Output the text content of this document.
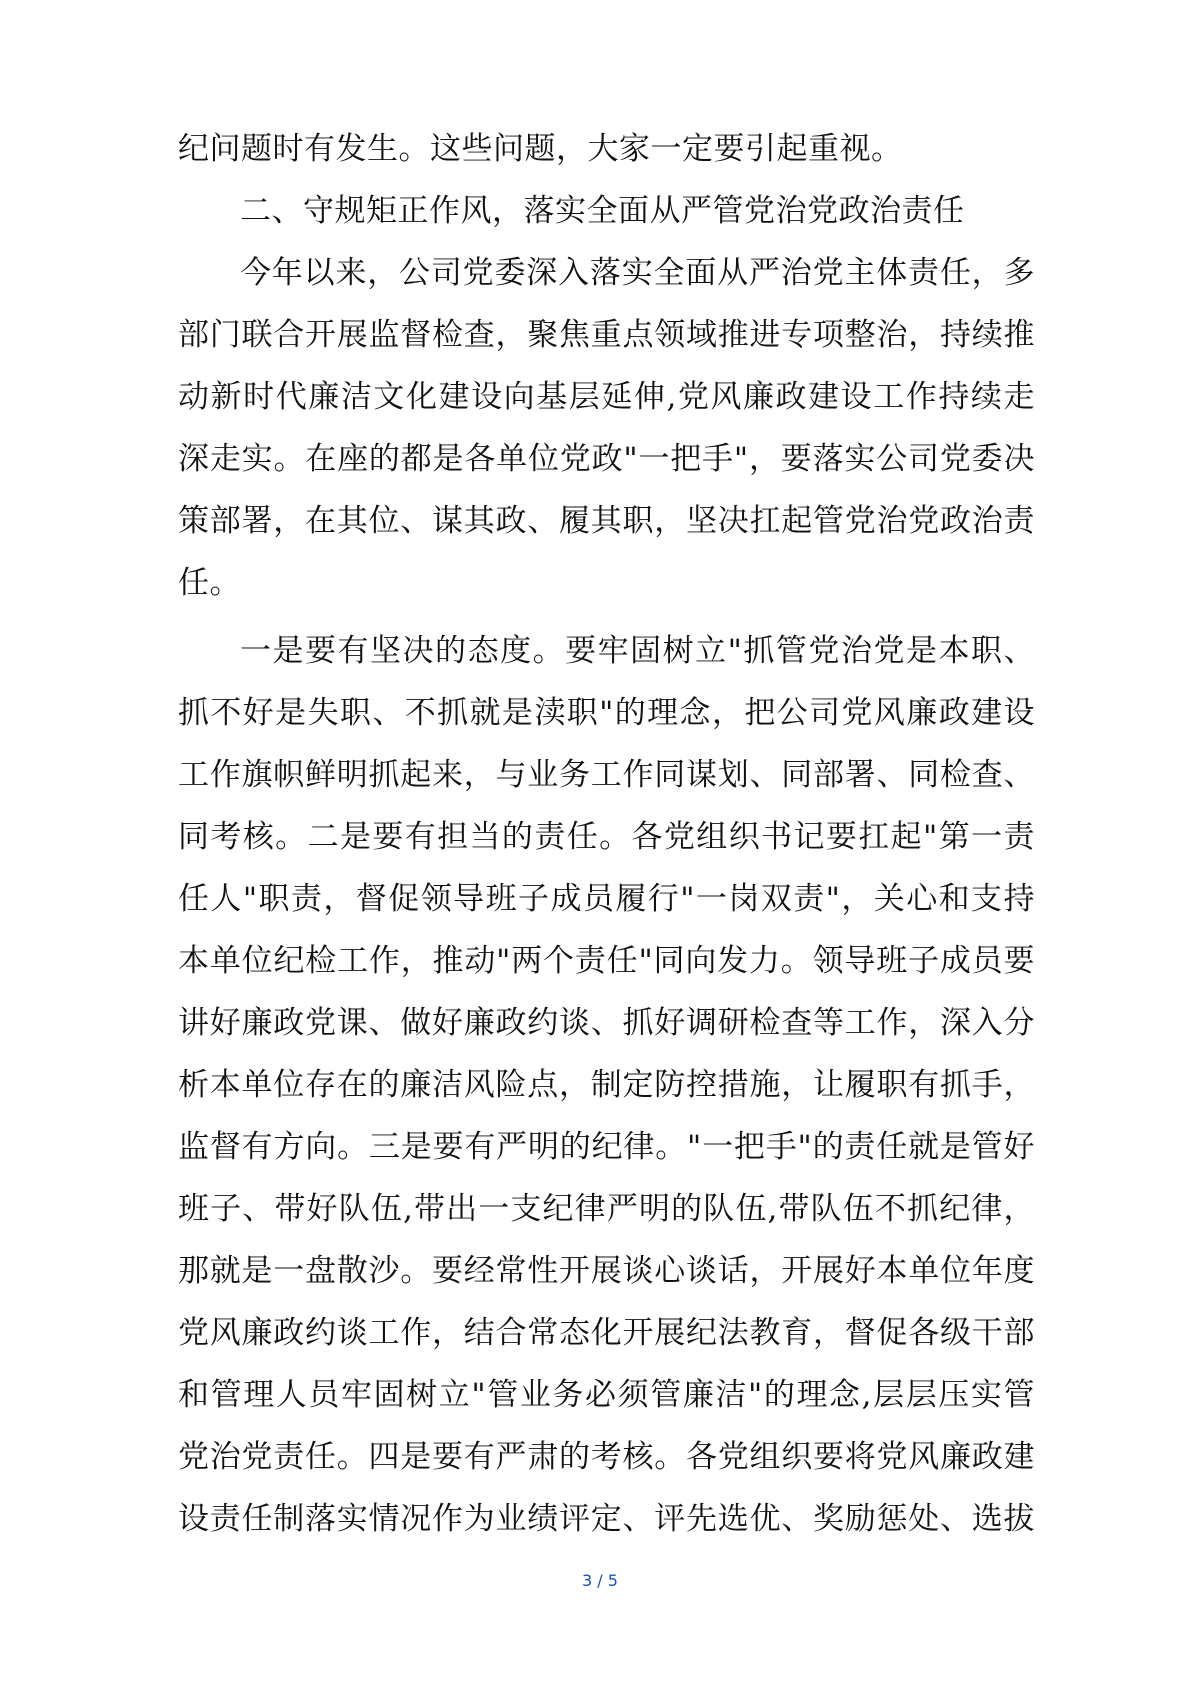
纪问题时有发生。这些问题，大家一定要引起重视。
二、守规矩正作风，落实全面从严管党治党政治责任
今年以来，公司党委深入落实全面从严治党主体责任，多
部门联合开展监督检查，聚焦重点领域推进专项整治，持续推
动新时代廉洁文化建设向基层延伸,党风廉政建设工作持续走
深走实。在座的都是各单位党政"一把手"，要落实公司党委决
策部署，在其位、谋其政、履其职，坚决扛起管党治党政治责
任。
一是要有坚决的态度。要牢固树立"抓管党治党是本职、
抓不好是失职、不抓就是渎职"的理念，把公司党风廉政建设
工作旗帜鲜明抓起来，与业务工作同谋划、同部署、同检查、
同考核。二是要有担当的责任。各党组织书记要扛起"第一责
任人"职责，督促领导班子成员履行"一岗双责"，关心和支持
本单位纪检工作，推动"两个责任"同向发力。领导班子成员要
讲好廉政党课、做好廉政约谈、抓好调研检查等工作，深入分
析本单位存在的廉洁风险点，制定防控措施，让履职有抓手，
监督有方向。三是要有严明的纪律。"一把手"的责任就是管好
班子、带好队伍,带出一支纪律严明的队伍,带队伍不抓纪律，
那就是一盘散沙。要经常性开展谈心谈话，开展好本单位年度
党风廉政约谈工作，结合常态化开展纪法教育，督促各级干部
和管理人员牢固树立"管业务必须管廉洁"的理念,层层压实管
党治党责任。四是要有严肃的考核。各党组织要将党风廉政建
设责任制落实情况作为业绩评定、评先选优、奖励惩处、选拔
3 / 5
